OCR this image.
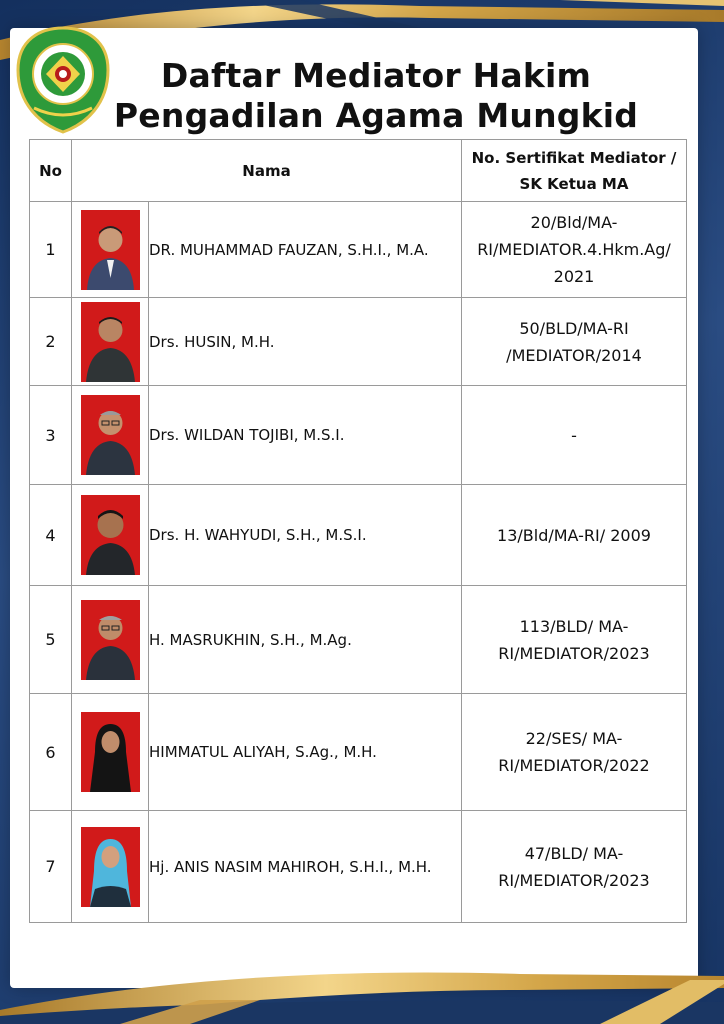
Daftar Mediator Hakim
Pengadilan Agama Mungkid
No	Nama		No. Sertifikat Mediator /
SK Ketua MA

1		DR. MUHAMMAD FAUZAN, S.H.I., M.A.	20/Bld/MA-
RI/MEDIATOR.4.Hkm.Ag/
2021

2		Drs. HUSIN, M.H.	50/BLD/MA-RI
/MEDIATOR/2014

3		Drs. WILDAN TOJIBI, M.S.I.	-

4		Drs. H. WAHYUDI, S.H., M.S.I.	13/Bld/MA-RI/ 2009

5		H. MASRUKHIN, S.H., M.Ag.	113/BLD/ MA-
RI/MEDIATOR/2023

6		HIMMATUL ALIYAH, S.Ag., M.H.	22/SES/ MA-
RI/MEDIATOR/2022

7		Hj. ANIS NASIM MAHIROH, S.H.I., M.H.	47/BLD/ MA-
RI/MEDIATOR/2023
